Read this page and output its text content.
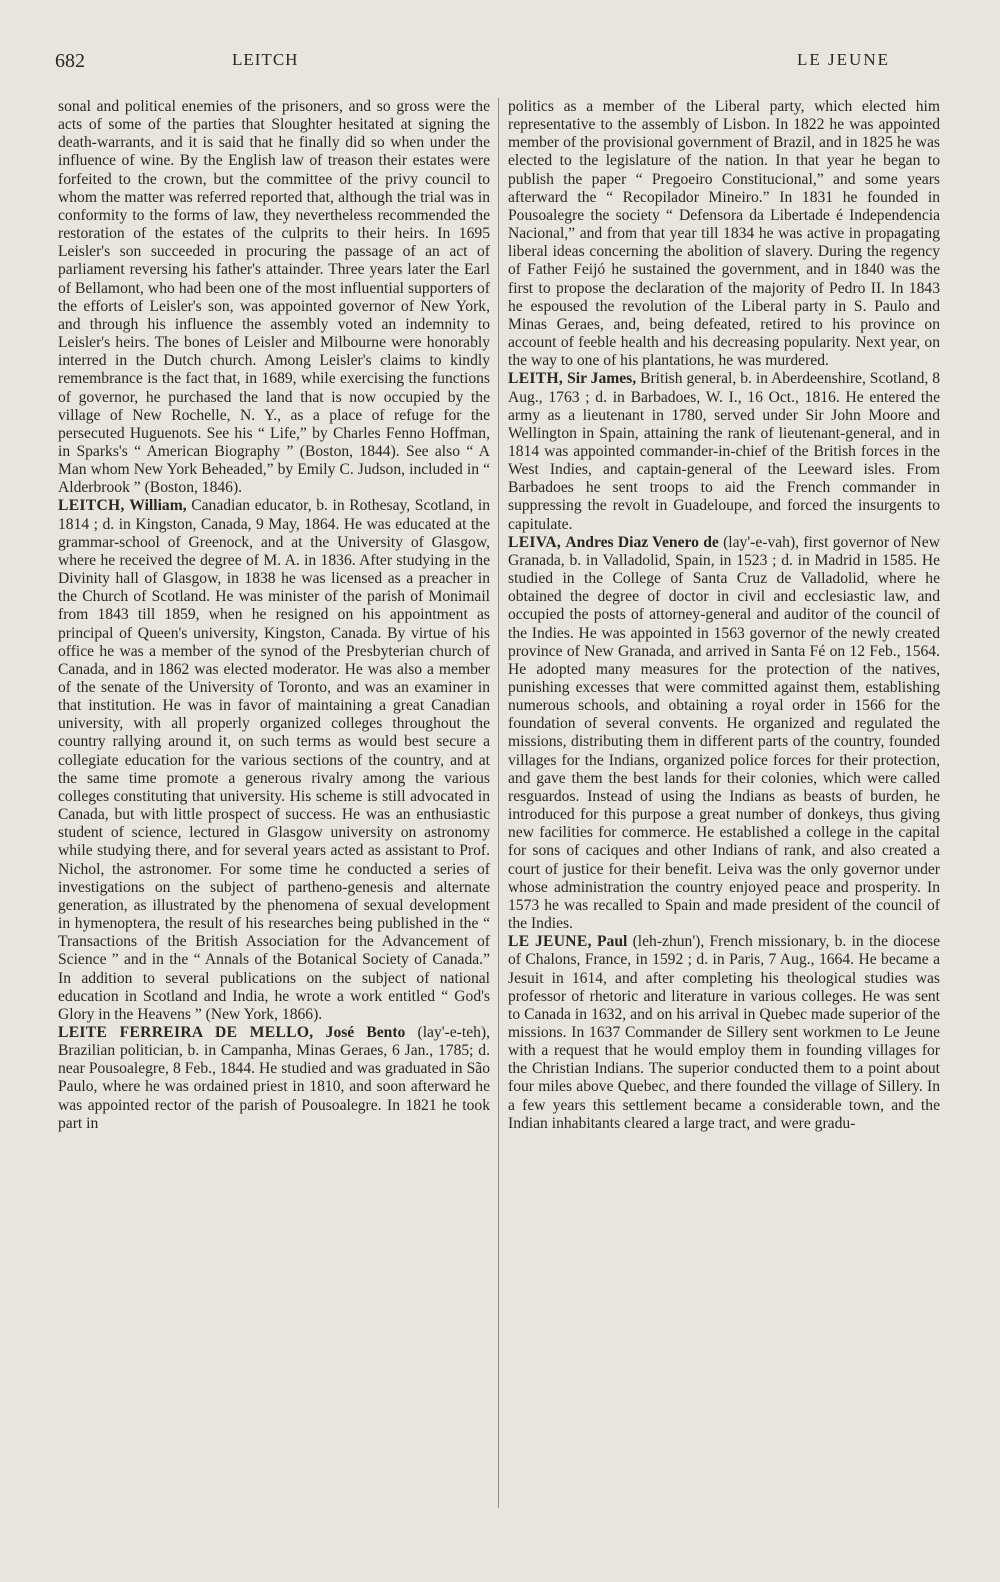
682	LEITCH	LE JEUNE

sonal and political enemies of the prisoners, and so gross were the acts of some of the parties that Sloughter hesitated at signing the death-warrants, and it is said that he finally did so when under the influence of wine. By the English law of treason their estates were forfeited to the crown, but the committee of the privy council to whom the matter was referred reported that, although the trial was in conformity to the forms of law, they nevertheless recommended the restoration of the estates of the culprits to their heirs. In 1695 Leisler's son succeeded in procuring the passage of an act of parliament reversing his father's attainder. Three years later the Earl of Bellamont, who had been one of the most influential supporters of the efforts of Leisler's son, was appointed governor of New York, and through his influence the assembly voted an indemnity to Leisler's heirs. The bones of Leisler and Milbourne were honorably interred in the Dutch church. Among Leisler's claims to kindly remembrance is the fact that, in 1689, while exercising the functions of governor, he purchased the land that is now occupied by the village of New Rochelle, N. Y., as a place of refuge for the persecuted Huguenots. See his “ Life,” by Charles Fenno Hoffman, in Sparks's “ American Biography ” (Boston, 1844). See also “ A Man whom New York Beheaded,” by Emily C. Judson, included in “ Alderbrook ” (Boston, 1846).

LEITCH, William, Canadian educator, b. in Rothesay, Scotland, in 1814 ; d. in Kingston, Canada, 9 May, 1864. He was educated at the grammar-school of Greenock, and at the University of Glasgow, where he received the degree of M. A. in 1836. After studying in the Divinity hall of Glasgow, in 1838 he was licensed as a preacher in the Church of Scotland. He was minister of the parish of Monimail from 1843 till 1859, when he resigned on his appointment as principal of Queen's university, Kingston, Canada. By virtue of his office he was a member of the synod of the Presbyterian church of Canada, and in 1862 was elected moderator. He was also a member of the senate of the University of Toronto, and was an examiner in that institution. He was in favor of maintaining a great Canadian university, with all properly organized colleges throughout the country rallying around it, on such terms as would best secure a collegiate education for the various sections of the country, and at the same time promote a generous rivalry among the various colleges constituting that university. His scheme is still advocated in Canada, but with little prospect of success. He was an enthusiastic student of science, lectured in Glasgow university on astronomy while studying there, and for several years acted as assistant to Prof. Nichol, the astronomer. For some time he conducted a series of investigations on the subject of partheno-genesis and alternate generation, as illustrated by the phenomena of sexual development in hymenoptera, the result of his researches being published in the “ Transactions of the British Association for the Advancement of Science ” and in the “ Annals of the Botanical Society of Canada.” In addition to several publications on the subject of national education in Scotland and India, he wrote a work entitled “ God's Glory in the Heavens ” (New York, 1866).

LEITE FERREIRA DE MELLO, José Bento (lay'-e-teh), Brazilian politician, b. in Campanha, Minas Geraes, 6 Jan., 1785; d. near Pousoalegre, 8 Feb., 1844. He studied and was graduated in São Paulo, where he was ordained priest in 1810, and soon afterward he was appointed rector of the parish of Pousoalegre. In 1821 he took part in

politics as a member of the Liberal party, which elected him representative to the assembly of Lisbon. In 1822 he was appointed member of the provisional government of Brazil, and in 1825 he was elected to the legislature of the nation. In that year he began to publish the paper “ Pregoeiro Constitucional,” and some years afterward the “ Recopilador Mineiro.” In 1831 he founded in Pousoalegre the society “ Defensora da Libertade é Independencia Nacional,” and from that year till 1834 he was active in propagating liberal ideas concerning the abolition of slavery. During the regency of Father Feijó he sustained the government, and in 1840 was the first to propose the declaration of the majority of Pedro II. In 1843 he espoused the revolution of the Liberal party in S. Paulo and Minas Geraes, and, being defeated, retired to his province on account of feeble health and his decreasing popularity. Next year, on the way to one of his plantations, he was murdered.

LEITH, Sir James, British general, b. in Aberdeenshire, Scotland, 8 Aug., 1763 ; d. in Barbadoes, W. I., 16 Oct., 1816. He entered the army as a lieutenant in 1780, served under Sir John Moore and Wellington in Spain, attaining the rank of lieutenant-general, and in 1814 was appointed commander-in-chief of the British forces in the West Indies, and captain-general of the Leeward isles. From Barbadoes he sent troops to aid the French commander in suppressing the revolt in Guadeloupe, and forced the insurgents to capitulate.

LEIVA, Andres Diaz Venero de (lay'-e-vah), first governor of New Granada, b. in Valladolid, Spain, in 1523 ; d. in Madrid in 1585. He studied in the College of Santa Cruz de Valladolid, where he obtained the degree of doctor in civil and ecclesiastic law, and occupied the posts of attorney-general and auditor of the council of the Indies. He was appointed in 1563 governor of the newly created province of New Granada, and arrived in Santa Fé on 12 Feb., 1564. He adopted many measures for the protection of the natives, punishing excesses that were committed against them, establishing numerous schools, and obtaining a royal order in 1566 for the foundation of several convents. He organized and regulated the missions, distributing them in different parts of the country, founded villages for the Indians, organized police forces for their protection, and gave them the best lands for their colonies, which were called resguardos. Instead of using the Indians as beasts of burden, he introduced for this purpose a great number of donkeys, thus giving new facilities for commerce. He established a college in the capital for sons of caciques and other Indians of rank, and also created a court of justice for their benefit. Leiva was the only governor under whose administration the country enjoyed peace and prosperity. In 1573 he was recalled to Spain and made president of the council of the Indies.

LE JEUNE, Paul (leh-zhun'), French missionary, b. in the diocese of Chalons, France, in 1592 ; d. in Paris, 7 Aug., 1664. He became a Jesuit in 1614, and after completing his theological studies was professor of rhetoric and literature in various colleges. He was sent to Canada in 1632, and on his arrival in Quebec made superior of the missions. In 1637 Commander de Sillery sent workmen to Le Jeune with a request that he would employ them in founding villages for the Christian Indians. The superior conducted them to a point about four miles above Quebec, and there founded the village of Sillery. In a few years this settlement became a considerable town, and the Indian inhabitants cleared a large tract, and were gradu-
